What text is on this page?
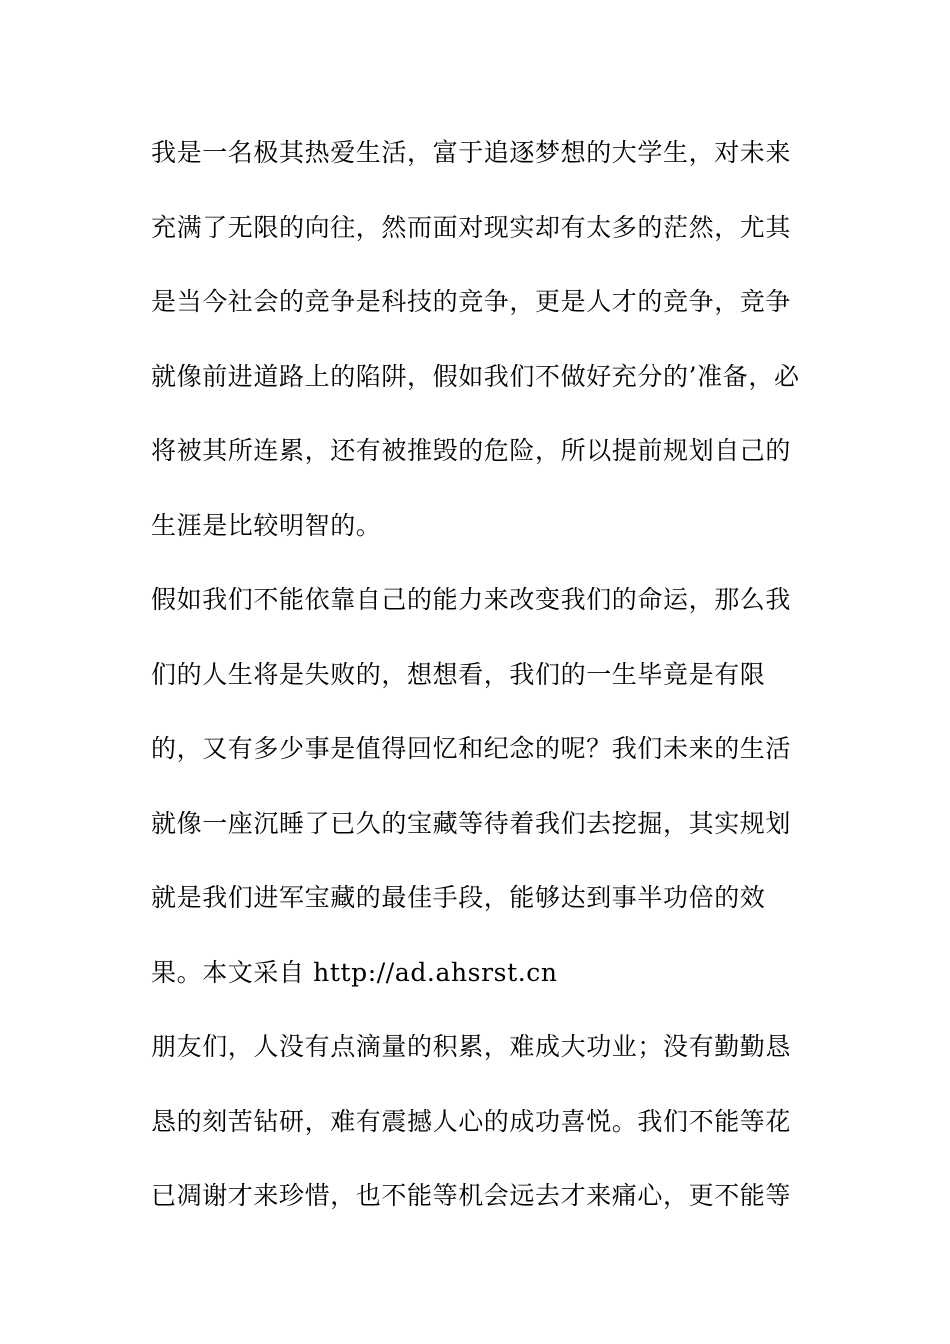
我是一名极其热爱生活，富于追逐梦想的大学生，对未来
充满了无限的向往，然而面对现实却有太多的茫然，尤其
是当今社会的竞争是科技的竞争，更是人才的竞争，竞争
就像前进道路上的陷阱，假如我们不做好充分的’准备，必
将被其所连累，还有被推毁的危险，所以提前规划自己的
生涯是比较明智的。
假如我们不能依靠自己的能力来改变我们的命运，那么我
们的人生将是失败的，想想看，我们的一生毕竟是有限
的，又有多少事是值得回忆和纪念的呢？我们未来的生活
就像一座沉睡了已久的宝藏等待着我们去挖掘，其实规划
就是我们进军宝藏的最佳手段，能够达到事半功倍的效
果。本文采自 http://ad.ahsrst.cn
朋友们，人没有点滴量的积累，难成大功业；没有勤勤恳
恳的刻苦钻研，难有震撼人心的成功喜悦。我们不能等花
已凋谢才来珍惜，也不能等机会远去才来痛心，更不能等
